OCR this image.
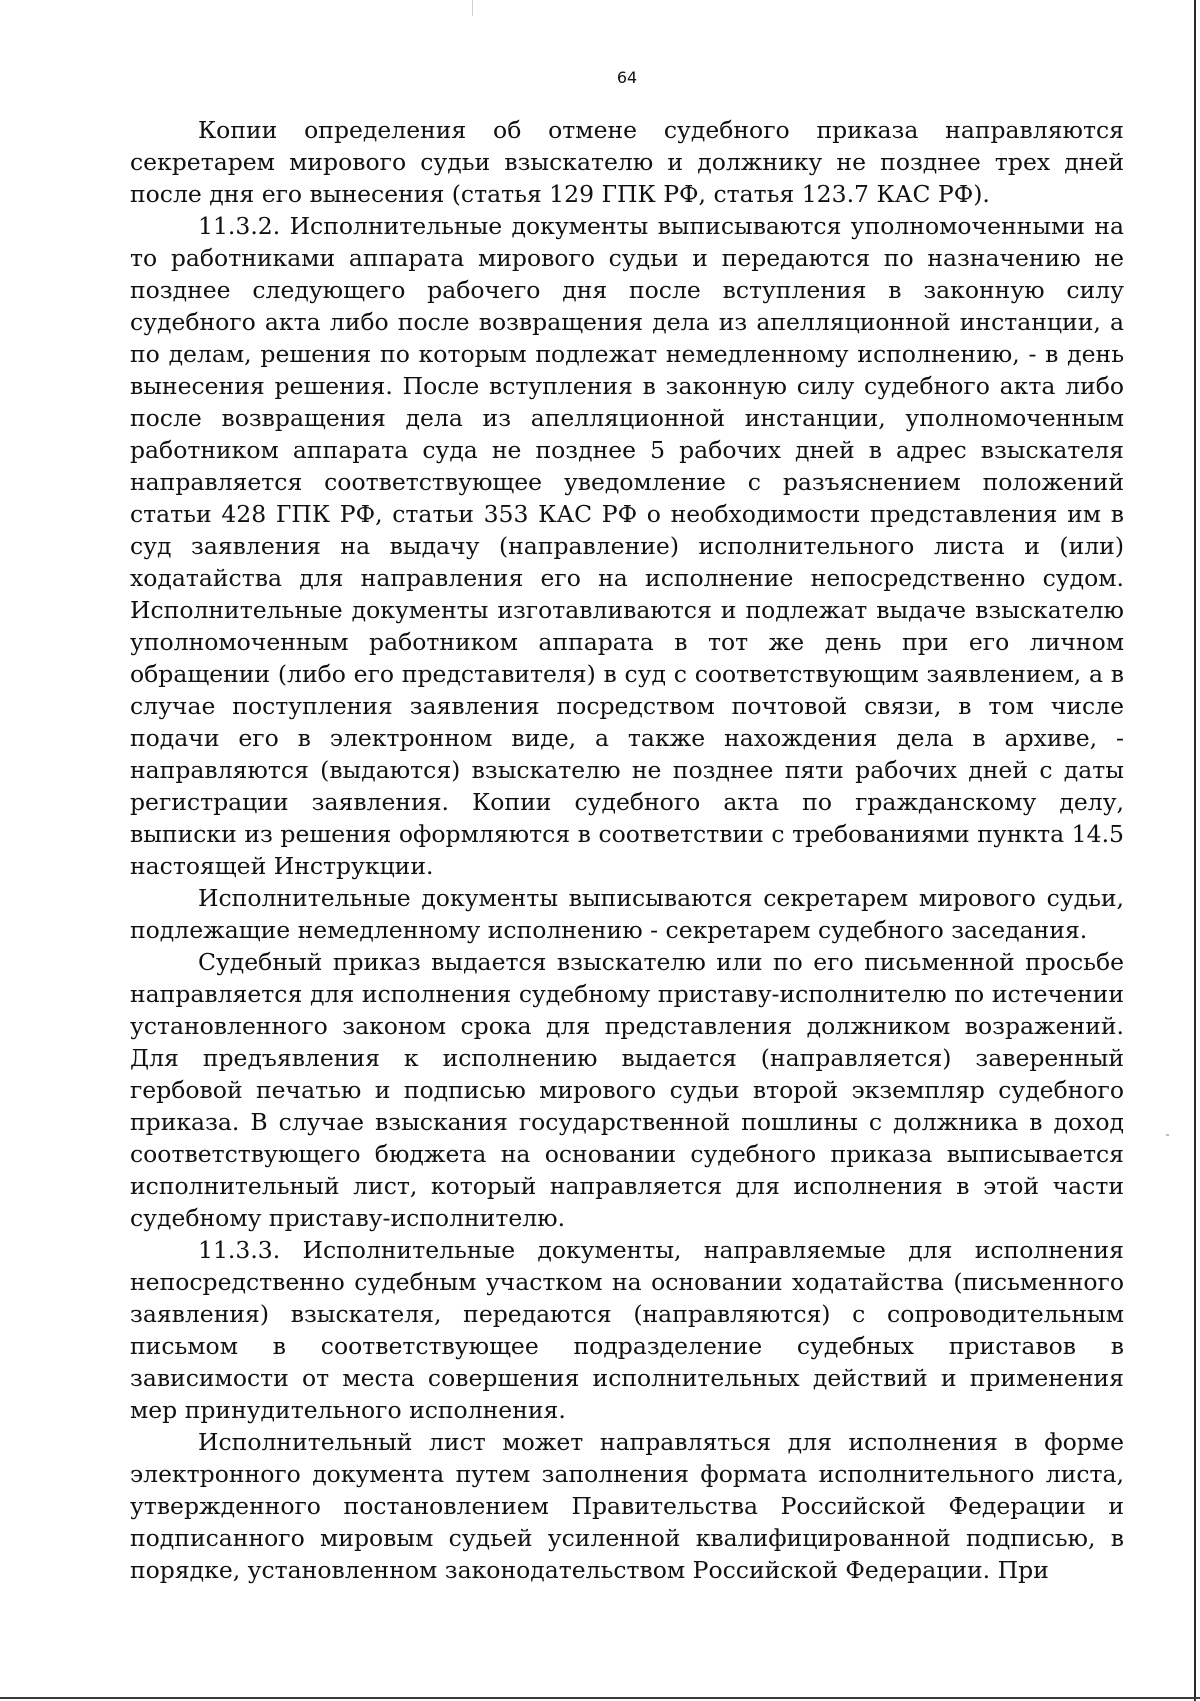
64

Копии определения об отмене судебного приказа направляются секретарем мирового судьи взыскателю и должнику не позднее трех дней после дня его вынесения (статья 129 ГПК РФ, статья 123.7 КАС РФ).

11.3.2. Исполнительные документы выписываются уполномоченными на то работниками аппарата мирового судьи и передаются по назначению не позднее следующего рабочего дня после вступления в законную силу судебного акта либо после возвращения дела из апелляционной инстанции, а по делам, решения по которым подлежат немедленному исполнению, - в день вынесения решения. После вступления в законную силу судебного акта либо после возвращения дела из апелляционной инстанции, уполномоченным работником аппарата суда не позднее 5 рабочих дней в адрес взыскателя направляется соответствующее уведомление с разъяснением положений статьи 428 ГПК РФ, статьи 353 КАС РФ о необходимости представления им в суд заявления на выдачу (направление) исполнительного листа и (или) ходатайства для направления его на исполнение непосредственно судом. Исполнительные документы изготавливаются и подлежат выдаче взыскателю уполномоченным работником аппарата в тот же день при его личном обращении (либо его представителя) в суд с соответствующим заявлением, а в случае поступления заявления посредством почтовой связи, в том числе подачи его в электронном виде, а также нахождения дела в архиве, - направляются (выдаются) взыскателю не позднее пяти рабочих дней с даты регистрации заявления. Копии судебного акта по гражданскому делу, выписки из решения оформляются в соответствии с требованиями пункта 14.5 настоящей Инструкции.

Исполнительные документы выписываются секретарем мирового судьи, подлежащие немедленному исполнению - секретарем судебного заседания.

Судебный приказ выдается взыскателю или по его письменной просьбе направляется для исполнения судебному приставу-исполнителю по истечении установленного законом срока для представления должником возражений. Для предъявления к исполнению выдается (направляется) заверенный гербовой печатью и подписью мирового судьи второй экземпляр судебного приказа. В случае взыскания государственной пошлины с должника в доход соответствующего бюджета на основании судебного приказа выписывается исполнительный лист, который направляется для исполнения в этой части судебному приставу-исполнителю.

11.3.3. Исполнительные документы, направляемые для исполнения непосредственно судебным участком на основании ходатайства (письменного заявления) взыскателя, передаются (направляются) с сопроводительным письмом в соответствующее подразделение судебных приставов в зависимости от места совершения исполнительных действий и применения мер принудительного исполнения.

Исполнительный лист может направляться для исполнения в форме электронного документа путем заполнения формата исполнительного листа, утвержденного постановлением Правительства Российской Федерации и подписанного мировым судьей усиленной квалифицированной подписью, в порядке, установленном законодательством Российской Федерации. При
